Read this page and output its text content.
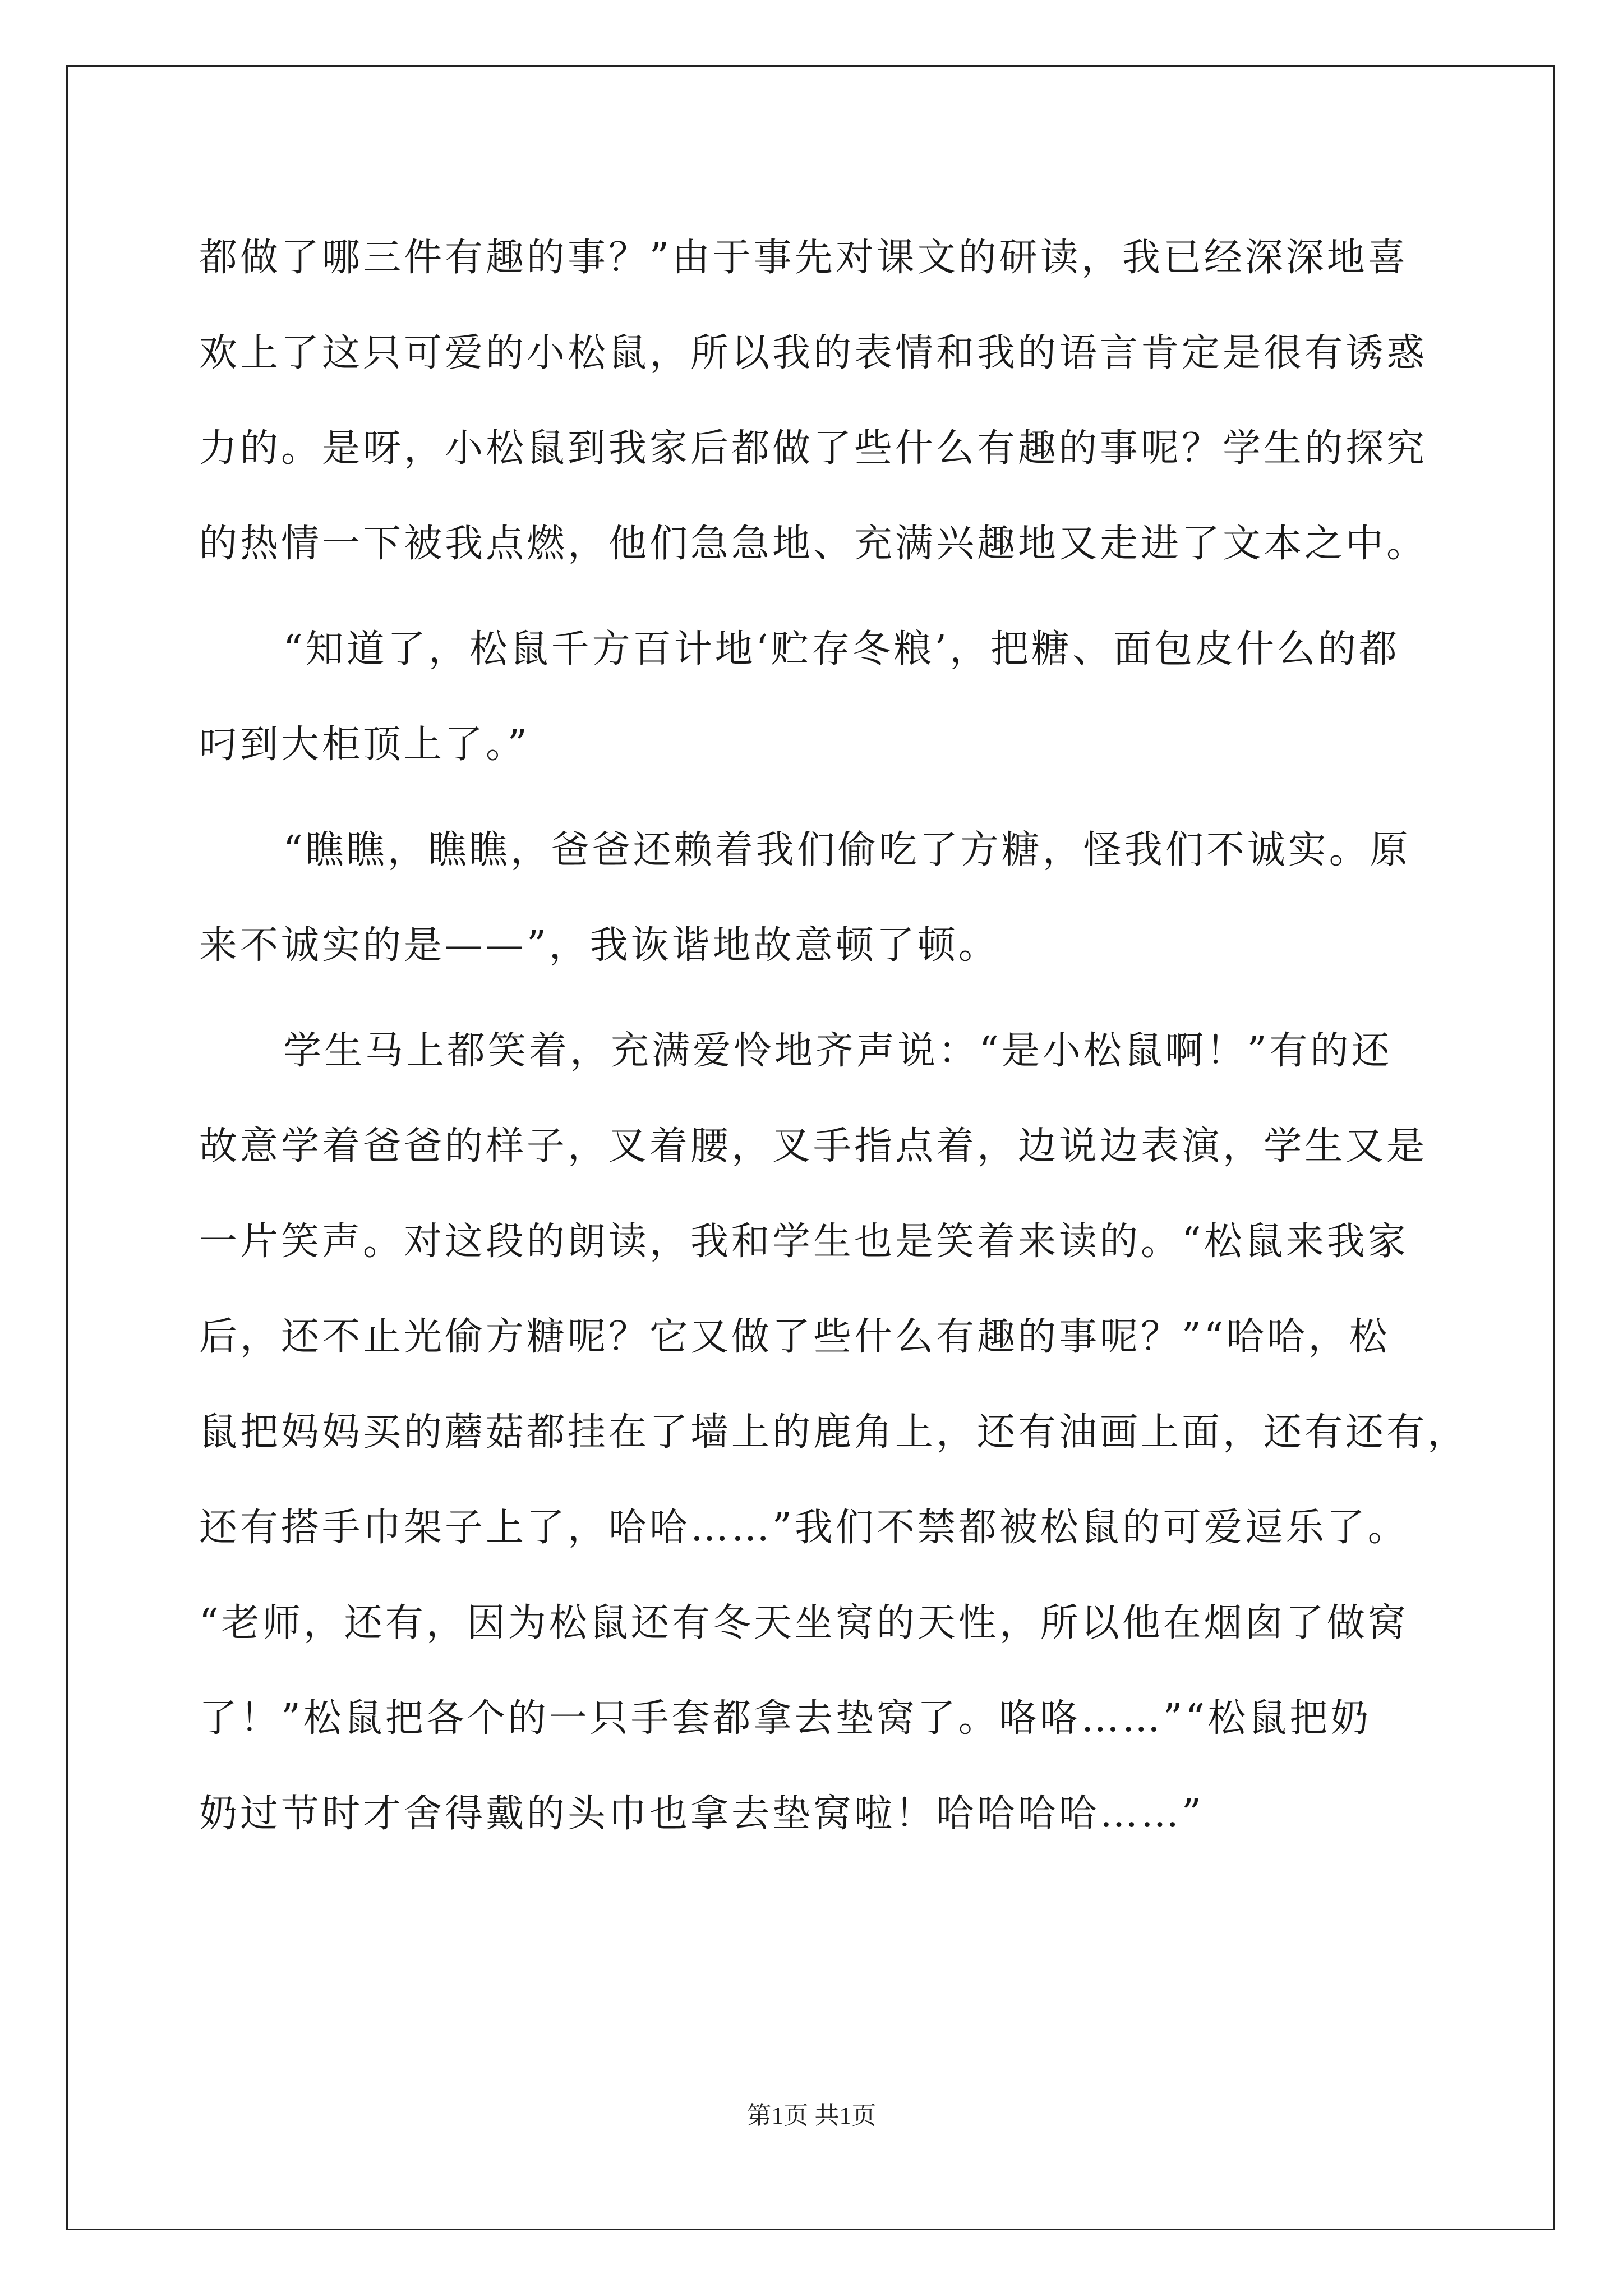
都做了哪三件有趣的事？”由于事先对课文的研读，我已经深深地喜
欢上了这只可爱的小松鼠，所以我的表情和我的语言肯定是很有诱惑
力的。是呀，小松鼠到我家后都做了些什么有趣的事呢？学生的探究
的热情一下被我点燃，他们急急地、充满兴趣地又走进了文本之中。
“知道了，松鼠千方百计地‘贮存冬粮’，把糖、面包皮什么的都
叼到大柜顶上了。”
“瞧瞧，瞧瞧，爸爸还赖着我们偷吃了方糖，怪我们不诚实。原
来不诚实的是——”，我诙谐地故意顿了顿。
学生马上都笑着，充满爱怜地齐声说：“是小松鼠啊！”有的还
故意学着爸爸的样子，叉着腰，叉手指点着，边说边表演，学生又是
一片笑声。对这段的朗读，我和学生也是笑着来读的。“松鼠来我家
后，还不止光偷方糖呢？它又做了些什么有趣的事呢？”“哈哈，松
鼠把妈妈买的蘑菇都挂在了墙上的鹿角上，还有油画上面，还有还有，
还有搭手巾架子上了，哈哈……”我们不禁都被松鼠的可爱逗乐了。
“老师，还有，因为松鼠还有冬天坐窝的天性，所以他在烟囱了做窝
了！”松鼠把各个的一只手套都拿去垫窝了。咯咯……”“松鼠把奶
奶过节时才舍得戴的头巾也拿去垫窝啦！哈哈哈哈……”
第1页 共1页
